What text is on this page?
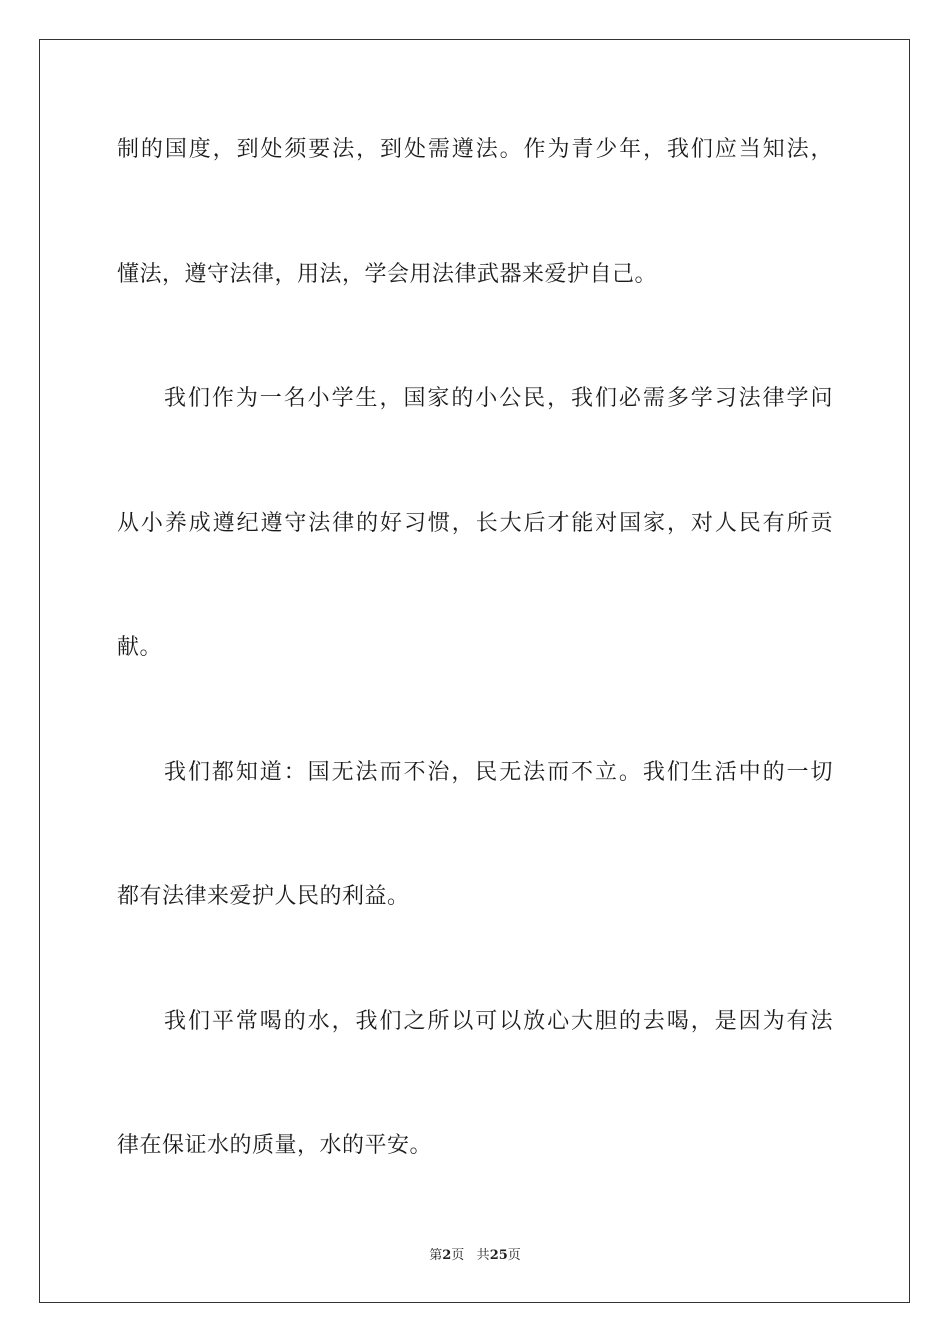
制的国度，到处须要法，到处需遵法。作为青少年，我们应当知法，
懂法，遵守法律，用法，学会用法律武器来爱护自己。
我们作为一名小学生，国家的小公民，我们必需多学习法律学问
从小养成遵纪遵守法律的好习惯，长大后才能对国家，对人民有所贡
献。
我们都知道：国无法而不治，民无法而不立。我们生活中的一切
都有法律来爱护人民的利益。
我们平常喝的水，我们之所以可以放心大胆的去喝，是因为有法
律在保证水的质量，水的平安。
第2页 共25页
